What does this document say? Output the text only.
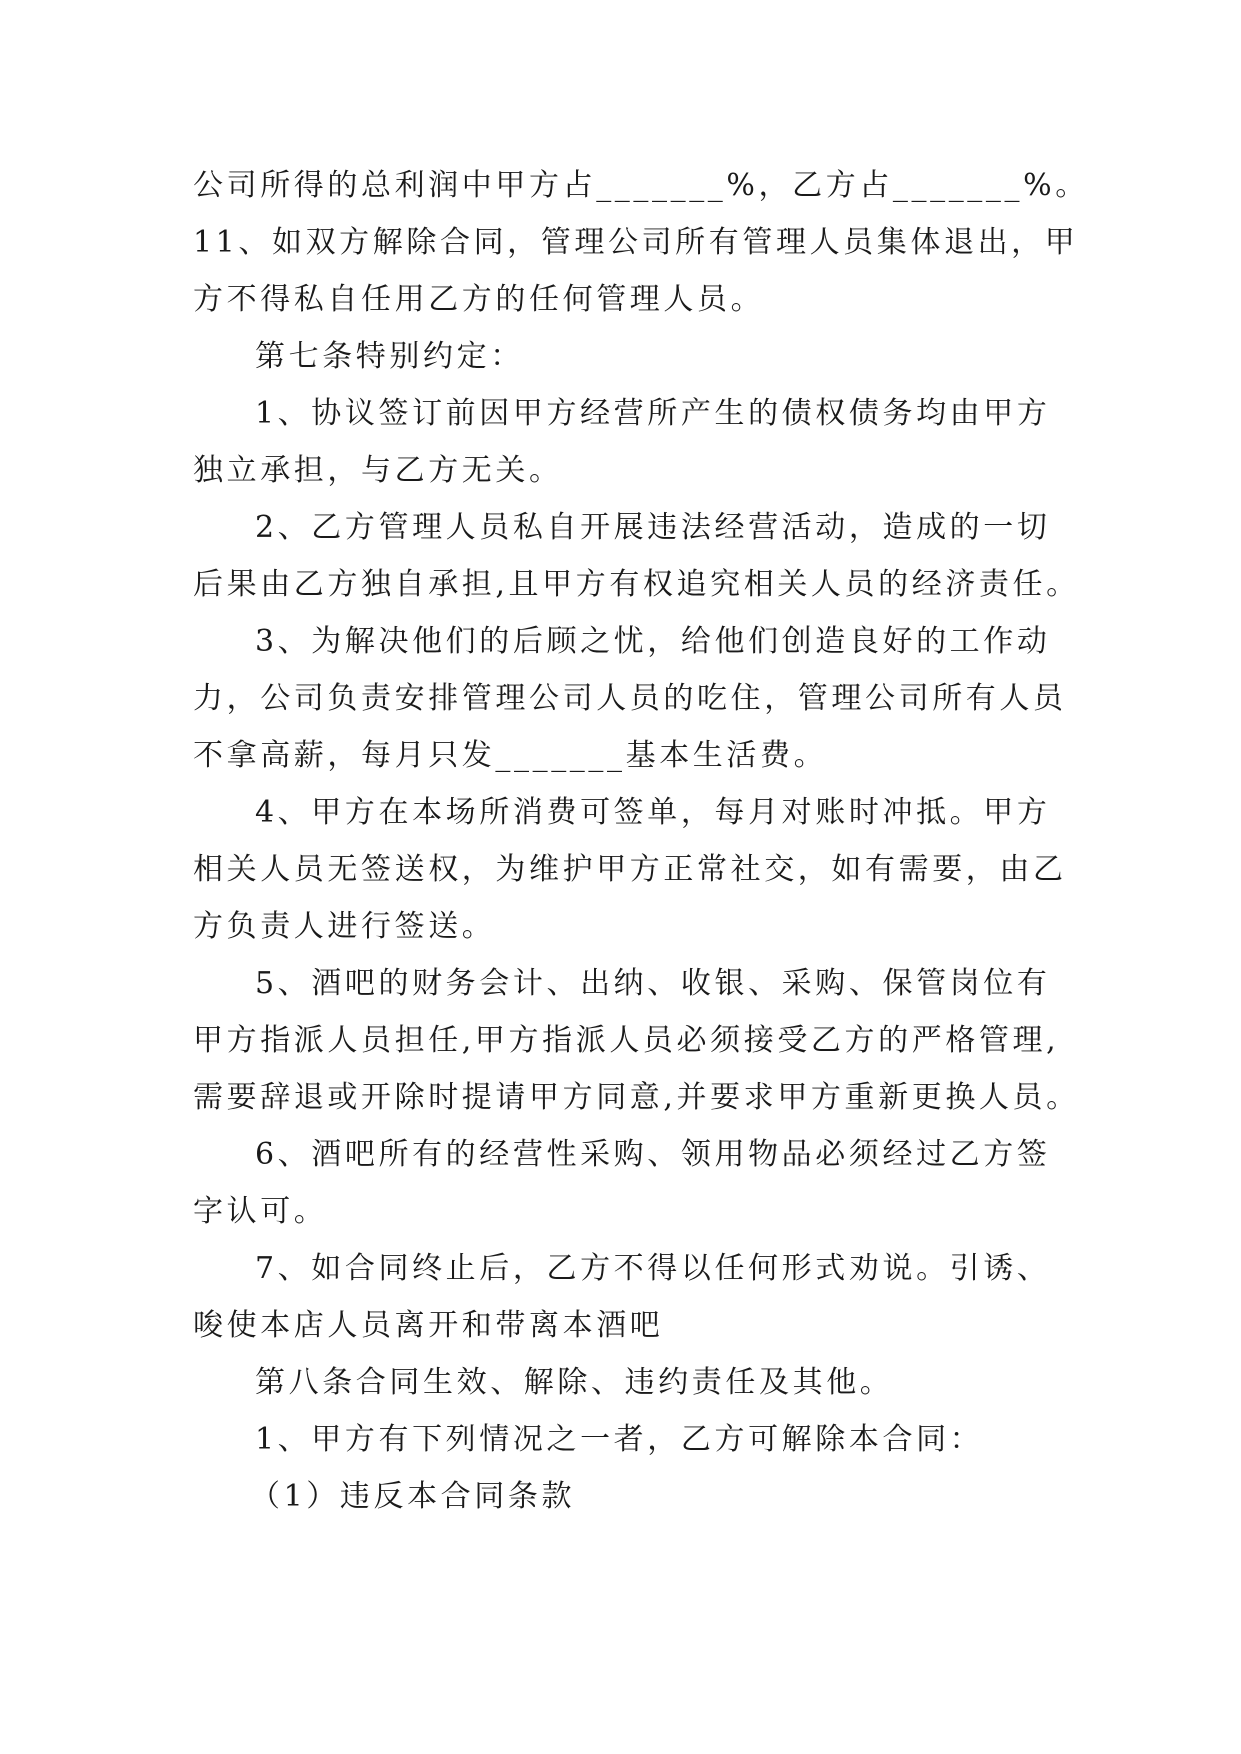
公司所得的总利润中甲方占_______%，乙方占_______%。
11、如双方解除合同，管理公司所有管理人员集体退出，甲
方不得私自任用乙方的任何管理人员。
第七条特别约定：
1、协议签订前因甲方经营所产生的债权债务均由甲方
独立承担，与乙方无关。
2、乙方管理人员私自开展违法经营活动，造成的一切
后果由乙方独自承担,且甲方有权追究相关人员的经济责任。
3、为解决他们的后顾之忧，给他们创造良好的工作动
力，公司负责安排管理公司人员的吃住，管理公司所有人员
不拿高薪，每月只发_______基本生活费。
4、甲方在本场所消费可签单，每月对账时冲抵。甲方
相关人员无签送权，为维护甲方正常社交，如有需要，由乙
方负责人进行签送。
5、酒吧的财务会计、出纳、收银、采购、保管岗位有
甲方指派人员担任,甲方指派人员必须接受乙方的严格管理,
需要辞退或开除时提请甲方同意,并要求甲方重新更换人员。
6、酒吧所有的经营性采购、领用物品必须经过乙方签
字认可。
7、如合同终止后，乙方不得以任何形式劝说。引诱、
唆使本店人员离开和带离本酒吧
第八条合同生效、解除、违约责任及其他。
1、甲方有下列情况之一者，乙方可解除本合同：
（1）违反本合同条款
